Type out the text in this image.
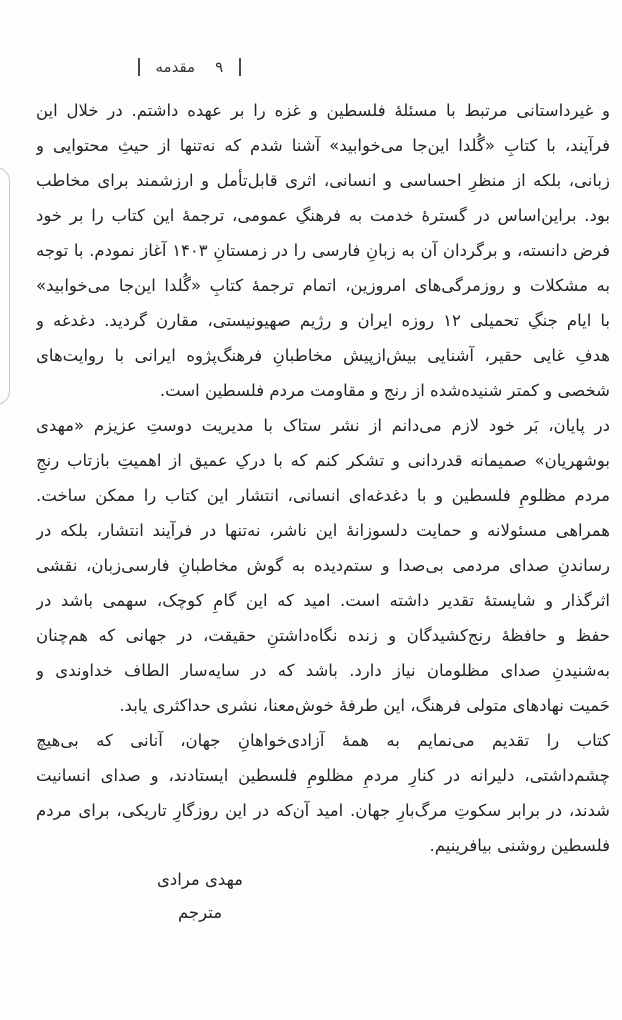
مقدمه ۹
و غیرداستانی مرتبط با مسئلهٔ فلسطین و غزه را بر عهده داشتم. در خلال این
فرآیند، با کتابِ «گُلدا این‌جا می‌خوابید» آشنا شدم که نه‌تنها از حیثِ محتوایی و
زبانی، بلکه از منظرِ احساسی و انسانی، اثری قابل‌تأمل و ارزشمند برای مخاطب
بود. براین‌اساس در گسترهٔ خدمت به فرهنگِ عمومی، ترجمهٔ این کتاب را بر خود
فرض دانسته، و برگردان آن به زبانِ فارسی را در زمستانِ ۱۴۰۳ آغاز نمودم. با توجه
به مشکلات و روزمرگی‌های امروزین، اتمام ترجمهٔ کتابِ «گُلدا این‌جا می‌خوابید»
با ایام جنگِ تحمیلی ۱۲ روزه ایران و رژیم صهیونیستی، مقارن گردید. دغدغه و
هدفِ غایی حقیر، آشنایی بیش‌ازپیش مخاطبانِ فرهنگ‌پژوه ایرانی با روایت‌های
شخصی و کمتر شنیده‌شده از رنج و مقاومت مردم فلسطین است.
در پایان، بَر خود لازم می‌دانم از نشر ستاک با مدیریت دوستِ عزیزم «مهدی
بوشهریان» صمیمانه قدردانی و تشکر کنم که با درکِ عمیق از اهمیتِ بازتاب رنجِ
مردم مظلومِ فلسطین و با دغدغه‌ای انسانی، انتشار این کتاب را ممکن ساخت.
همراهی مسئولانه و حمایت دلسوزانهٔ این ناشر، نه‌تنها در فرآیند انتشار، بلکه در
رساندنِ صدای مردمی بی‌صدا و ستم‌دیده به گوش مخاطبانِ فارسی‌زبان، نقشی
اثرگذار و شایستهٔ تقدیر داشته است. امید که این گامِ کوچک، سهمی باشد در
حفظ و حافظهٔ رنج‌کشیدگان و زنده نگاه‌داشتنِ حقیقت، در جهانی که هم‌چنان
به‌شنیدنِ صدای مظلومان نیاز دارد. باشد که در سایه‌سار الطاف خداوندی و
حَمیت نهادهای متولی فرهنگ، این طرفهٔ خوش‌معنا، نشری حداکثری یابد.
کتاب را تقدیم می‌نمایم به همهٔ آزادی‌خواهانِ جهان، آنانی که بی‌هیچ
چشم‌داشتی، دلیرانه در کنارِ مردمِ مظلومِ فلسطین ایستادند، و صدای انسانیت
شدند، در برابر سکوتِ مرگ‌بارِ جهان. امید آن‌که در این روزگارِ تاریکی، برای مردم
فلسطین روشنی بیافرینیم.
مهدی مرادی
مترجم
